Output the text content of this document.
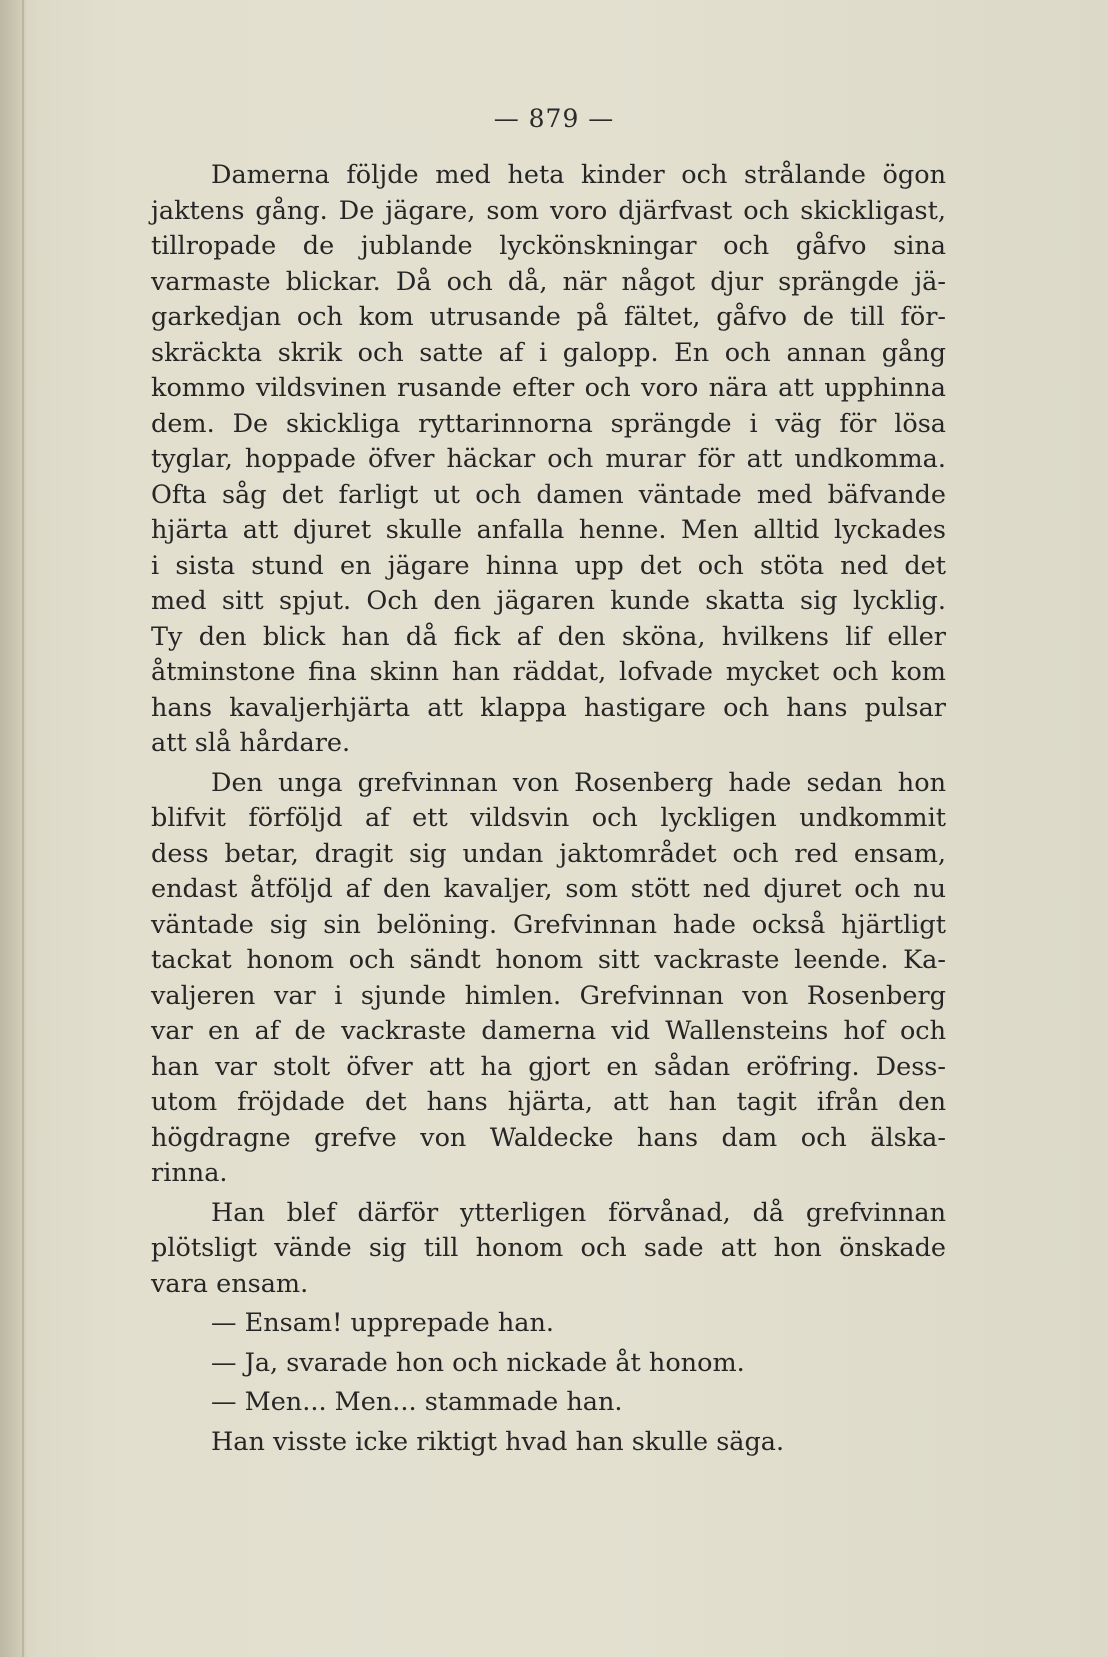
— 879 —
Damerna följde med heta kinder och strålande ögon
jaktens gång. De jägare, som voro djärfvast och skickligast,
tillropade de jublande lyckönskningar och gåfvo sina
varmaste blickar. Då och då, när något djur sprängde jä-
garkedjan och kom utrusande på fältet, gåfvo de till för-
skräckta skrik och satte af i galopp. En och annan gång
kommo vildsvinen rusande efter och voro nära att upphinna
dem. De skickliga ryttarinnorna sprängde i väg för lösa
tyglar, hoppade öfver häckar och murar för att undkomma.
Ofta såg det farligt ut och damen väntade med bäfvande
hjärta att djuret skulle anfalla henne. Men alltid lyckades
i sista stund en jägare hinna upp det och stöta ned det
med sitt spjut. Och den jägaren kunde skatta sig lycklig.
Ty den blick han då fick af den sköna, hvilkens lif eller
åtminstone fina skinn han räddat, lofvade mycket och kom
hans kavaljerhjärta att klappa hastigare och hans pulsar
att slå hårdare.
Den unga grefvinnan von Rosenberg hade sedan hon
blifvit förföljd af ett vildsvin och lyckligen undkommit
dess betar, dragit sig undan jaktområdet och red ensam,
endast åtföljd af den kavaljer, som stött ned djuret och nu
väntade sig sin belöning. Grefvinnan hade också hjärtligt
tackat honom och sändt honom sitt vackraste leende. Ka-
valjeren var i sjunde himlen. Grefvinnan von Rosenberg
var en af de vackraste damerna vid Wallensteins hof och
han var stolt öfver att ha gjort en sådan eröfring. Dess-
utom fröjdade det hans hjärta, att han tagit ifrån den
högdragne grefve von Waldecke hans dam och älska-
rinna.
Han blef därför ytterligen förvånad, då grefvinnan
plötsligt vände sig till honom och sade att hon önskade
vara ensam.
— Ensam! upprepade han.
— Ja, svarade hon och nickade åt honom.
— Men... Men... stammade han.
Han visste icke riktigt hvad han skulle säga.
